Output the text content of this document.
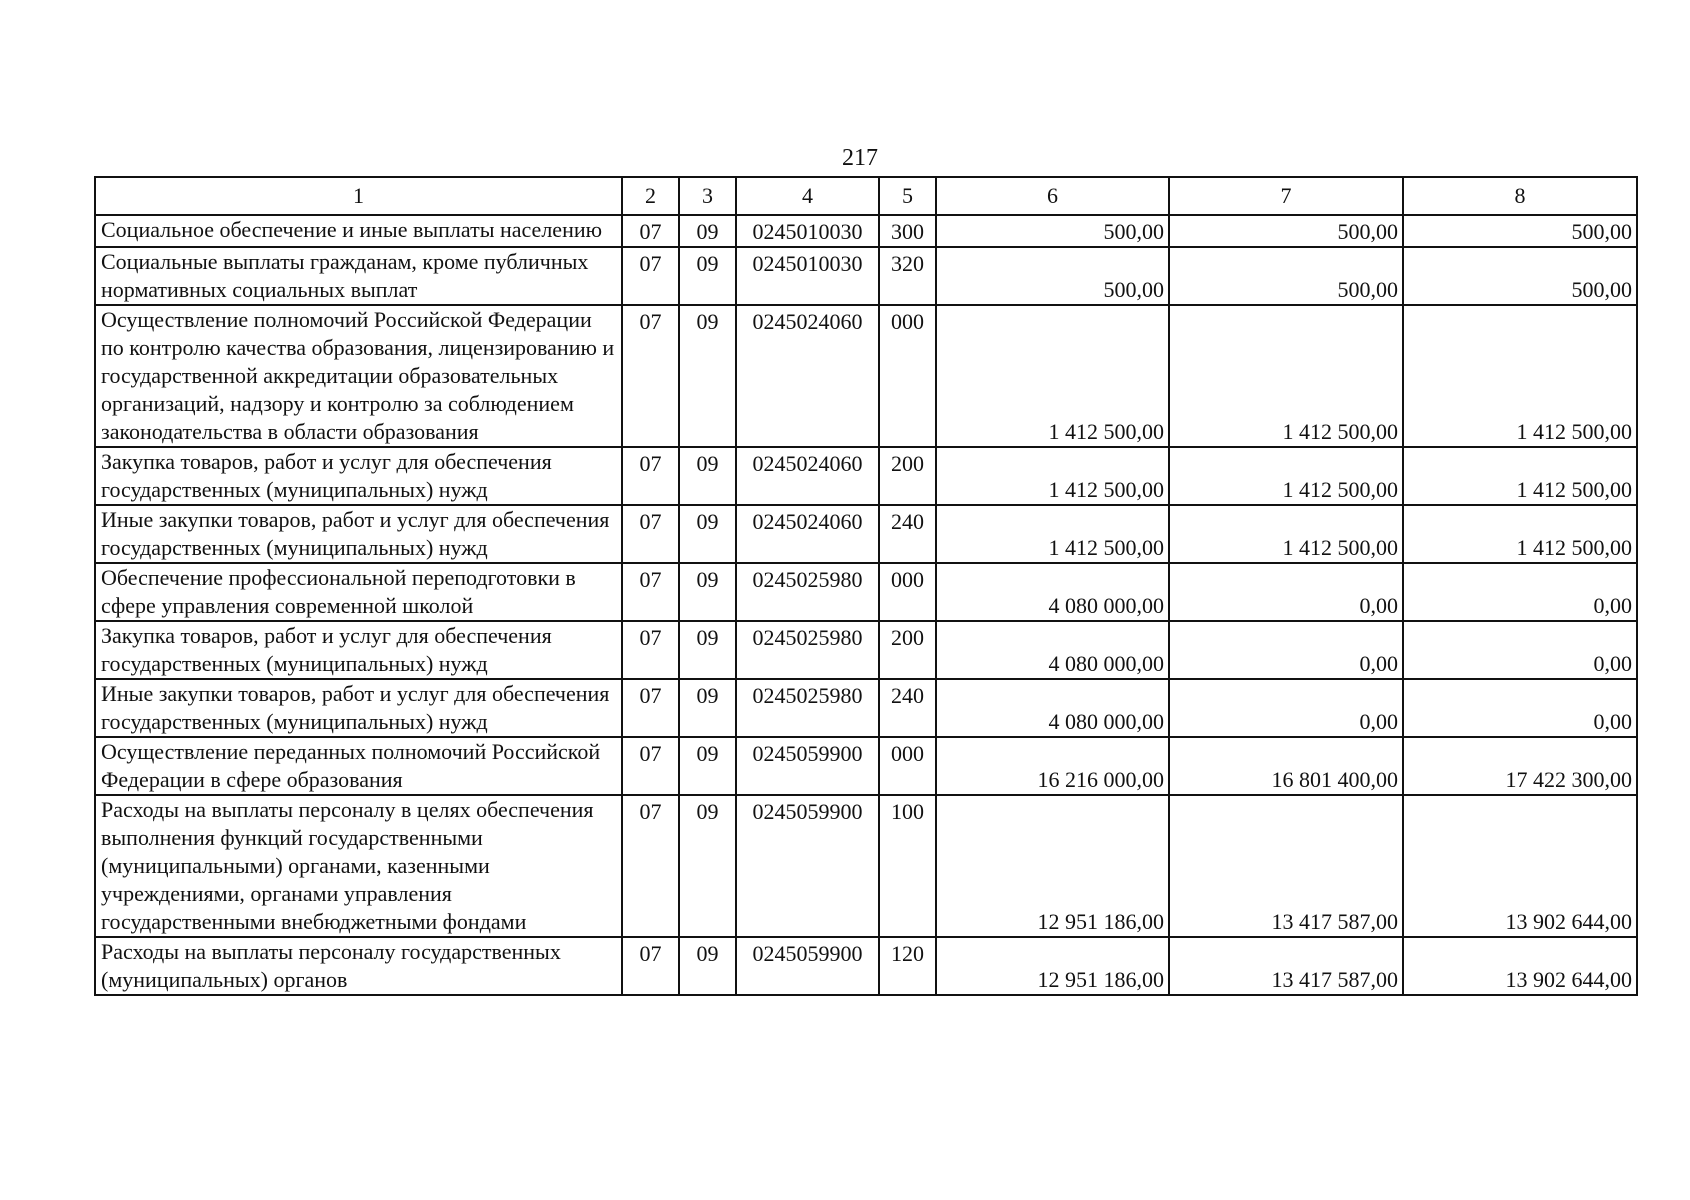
217
1	2	3	4	5	6	7	8
Социальное обеспечение и иные выплаты населению	07	09	0245010030	300	500,00	500,00	500,00
Социальные выплаты гражданам, кроме публичных нормативных социальных выплат	07	09	0245010030	320	500,00	500,00	500,00
Осуществление полномочий Российской Федерации по контролю качества образования, лицензированию и государственной аккредитации образовательных организаций, надзору и контролю за соблюдением законодательства в области образования	07	09	0245024060	000	1 412 500,00	1 412 500,00	1 412 500,00
Закупка товаров, работ и услуг для обеспечения государственных (муниципальных) нужд	07	09	0245024060	200	1 412 500,00	1 412 500,00	1 412 500,00
Иные закупки товаров, работ и услуг для обеспечения государственных (муниципальных) нужд	07	09	0245024060	240	1 412 500,00	1 412 500,00	1 412 500,00
Обеспечение профессиональной переподготовки в сфере управления современной школой	07	09	0245025980	000	4 080 000,00	0,00	0,00
Закупка товаров, работ и услуг для обеспечения государственных (муниципальных) нужд	07	09	0245025980	200	4 080 000,00	0,00	0,00
Иные закупки товаров, работ и услуг для обеспечения государственных (муниципальных) нужд	07	09	0245025980	240	4 080 000,00	0,00	0,00
Осуществление переданных полномочий Российской Федерации в сфере образования	07	09	0245059900	000	16 216 000,00	16 801 400,00	17 422 300,00
Расходы на выплаты персоналу в целях обеспечения выполнения функций государственными (муниципальными) органами, казенными учреждениями, органами управления государственными внебюджетными фондами	07	09	0245059900	100	12 951 186,00	13 417 587,00	13 902 644,00
Расходы на выплаты персоналу государственных (муниципальных) органов	07	09	0245059900	120	12 951 186,00	13 417 587,00	13 902 644,00
